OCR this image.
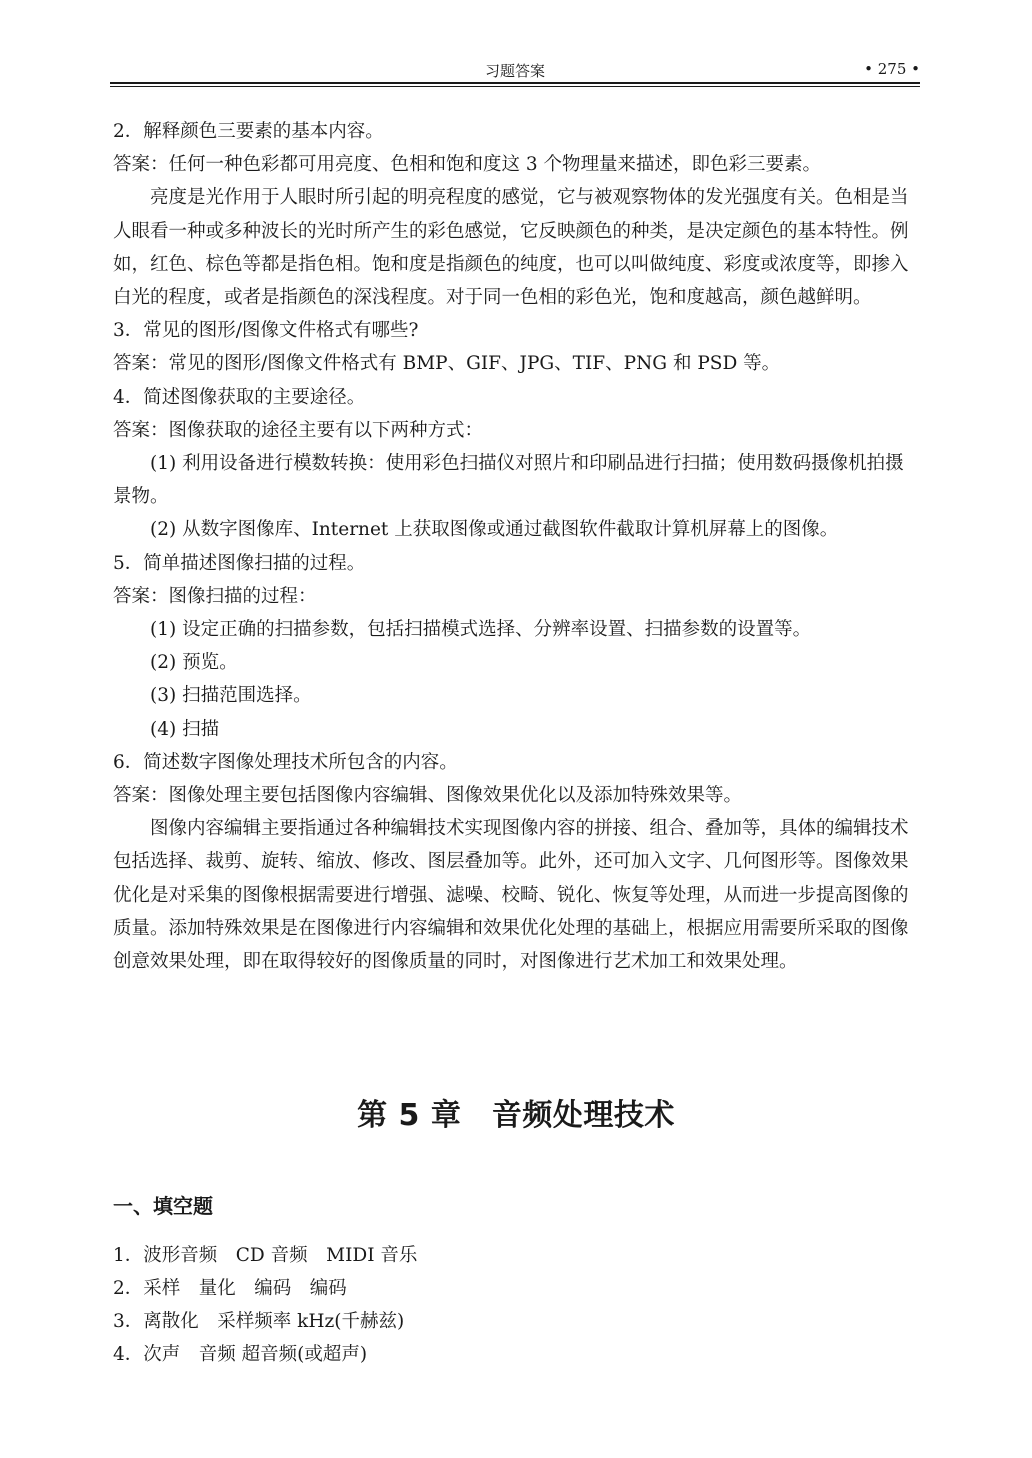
习题答案	• 275 •

2．解释颜色三要素的基本内容。

答案：任何一种色彩都可用亮度、色相和饱和度这 3 个物理量来描述，即色彩三要素。

亮度是光作用于人眼时所引起的明亮程度的感觉，它与被观察物体的发光强度有关。色相是当人眼看一种或多种波长的光时所产生的彩色感觉，它反映颜色的种类，是决定颜色的基本特性。例如，红色、棕色等都是指色相。饱和度是指颜色的纯度，也可以叫做纯度、彩度或浓度等，即掺入白光的程度，或者是指颜色的深浅程度。对于同一色相的彩色光，饱和度越高，颜色越鲜明。

3．常见的图形/图像文件格式有哪些?

答案：常见的图形/图像文件格式有 BMP、GIF、JPG、TIF、PNG 和 PSD 等。

4．简述图像获取的主要途径。

答案：图像获取的途径主要有以下两种方式：

(1) 利用设备进行模数转换：使用彩色扫描仪对照片和印刷品进行扫描；使用数码摄像机拍摄景物。

(2) 从数字图像库、Internet 上获取图像或通过截图软件截取计算机屏幕上的图像。

5．简单描述图像扫描的过程。

答案：图像扫描的过程：

(1) 设定正确的扫描参数，包括扫描模式选择、分辨率设置、扫描参数的设置等。

(2) 预览。

(3) 扫描范围选择。

(4) 扫描

6．简述数字图像处理技术所包含的内容。

答案：图像处理主要包括图像内容编辑、图像效果优化以及添加特殊效果等。

图像内容编辑主要指通过各种编辑技术实现图像内容的拼接、组合、叠加等，具体的编辑技术包括选择、裁剪、旋转、缩放、修改、图层叠加等。此外，还可加入文字、几何图形等。图像效果优化是对采集的图像根据需要进行增强、滤噪、校畸、锐化、恢复等处理，从而进一步提高图像的质量。添加特殊效果是在图像进行内容编辑和效果优化处理的基础上，根据应用需要所采取的图像创意效果处理，即在取得较好的图像质量的同时，对图像进行艺术加工和效果处理。

第 5 章　音频处理技术
一、填空题

1．波形音频　CD 音频　MIDI 音乐

2．采样　量化　编码　编码

3．离散化　采样频率 kHz(千赫兹)

4．次声　音频 超音频(或超声)
